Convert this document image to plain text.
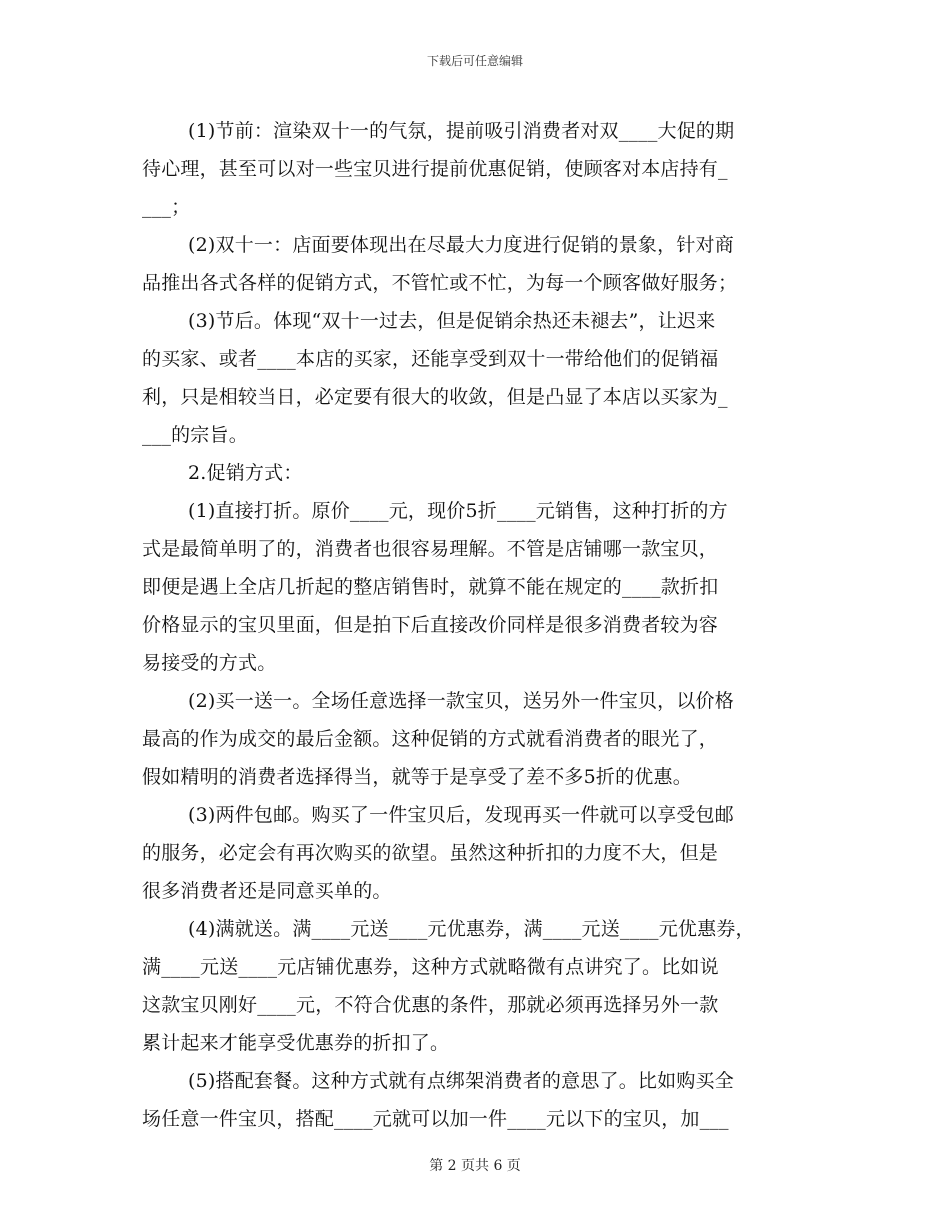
下载后可任意编辑
(1)节前：渲染双十一的气氛，提前吸引消费者对双____大促的期
待心理，甚至可以对一些宝贝进行提前优惠促销，使顾客对本店持有_
___；
(2)双十一：店面要体现出在尽最大力度进行促销的景象，针对商
品推出各式各样的促销方式，不管忙或不忙，为每一个顾客做好服务；
(3)节后。体现“双十一过去，但是促销余热还未褪去”，让迟来
的买家、或者____本店的买家，还能享受到双十一带给他们的促销福
利，只是相较当日，必定要有很大的收敛，但是凸显了本店以买家为_
___的宗旨。
2.促销方式：
(1)直接打折。原价____元，现价5折____元销售，这种打折的方
式是最简单明了的，消费者也很容易理解。不管是店铺哪一款宝贝，
即便是遇上全店几折起的整店销售时，就算不能在规定的____款折扣
价格显示的宝贝里面，但是拍下后直接改价同样是很多消费者较为容
易接受的方式。
(2)买一送一。全场任意选择一款宝贝，送另外一件宝贝，以价格
最高的作为成交的最后金额。这种促销的方式就看消费者的眼光了，
假如精明的消费者选择得当，就等于是享受了差不多5折的优惠。
(3)两件包邮。购买了一件宝贝后，发现再买一件就可以享受包邮
的服务，必定会有再次购买的欲望。虽然这种折扣的力度不大，但是
很多消费者还是同意买单的。
(4)满就送。满____元送____元优惠券，满____元送____元优惠券，
满____元送____元店铺优惠券，这种方式就略微有点讲究了。比如说
这款宝贝刚好____元，不符合优惠的条件，那就必须再选择另外一款
累计起来才能享受优惠券的折扣了。
(5)搭配套餐。这种方式就有点绑架消费者的意思了。比如购买全
场任意一件宝贝，搭配____元就可以加一件____元以下的宝贝，加___
第 2 页共 6 页
